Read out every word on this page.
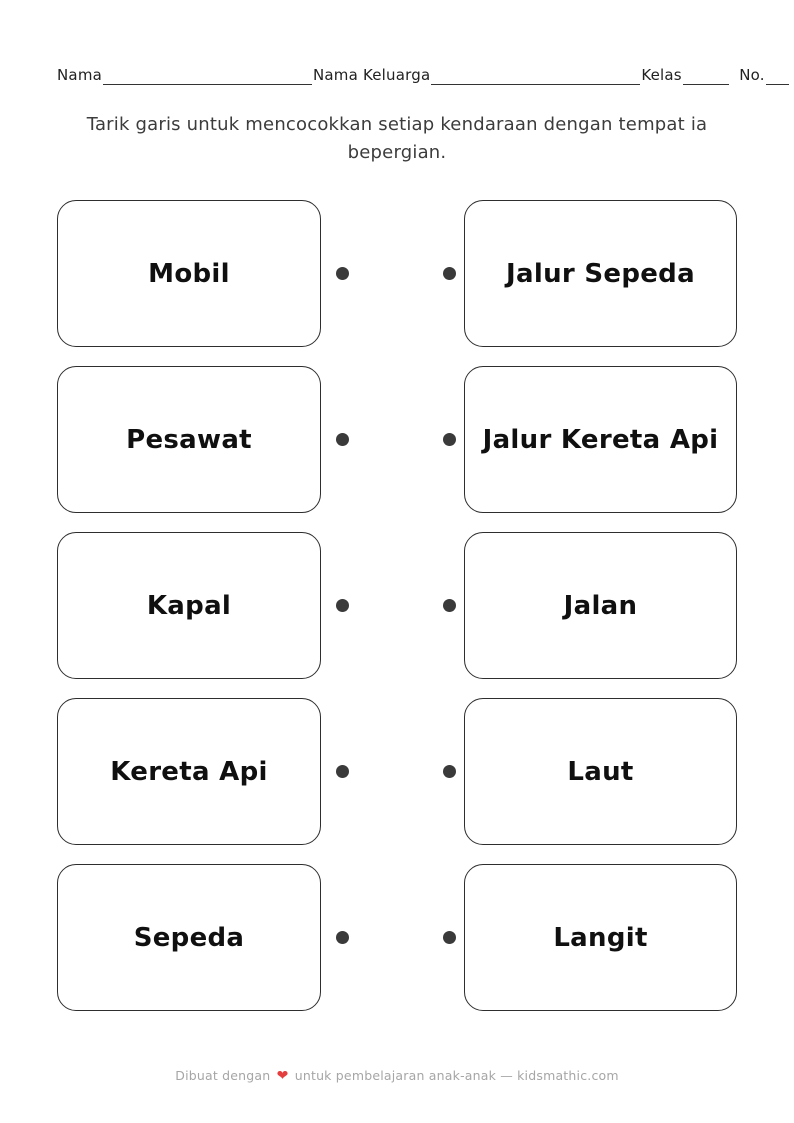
Nama	Nama Keluarga	Kelas	No.

Tarik garis untuk mencocokkan setiap kendaraan dengan tempat ia bepergian.

Mobil	Jalur Sepeda
Pesawat	Jalur Kereta Api
Kapal	Jalan
Kereta Api	Laut
Sepeda	Langit
Dibuat dengan ❤ untuk pembelajaran anak-anak — kidsmathic.com
